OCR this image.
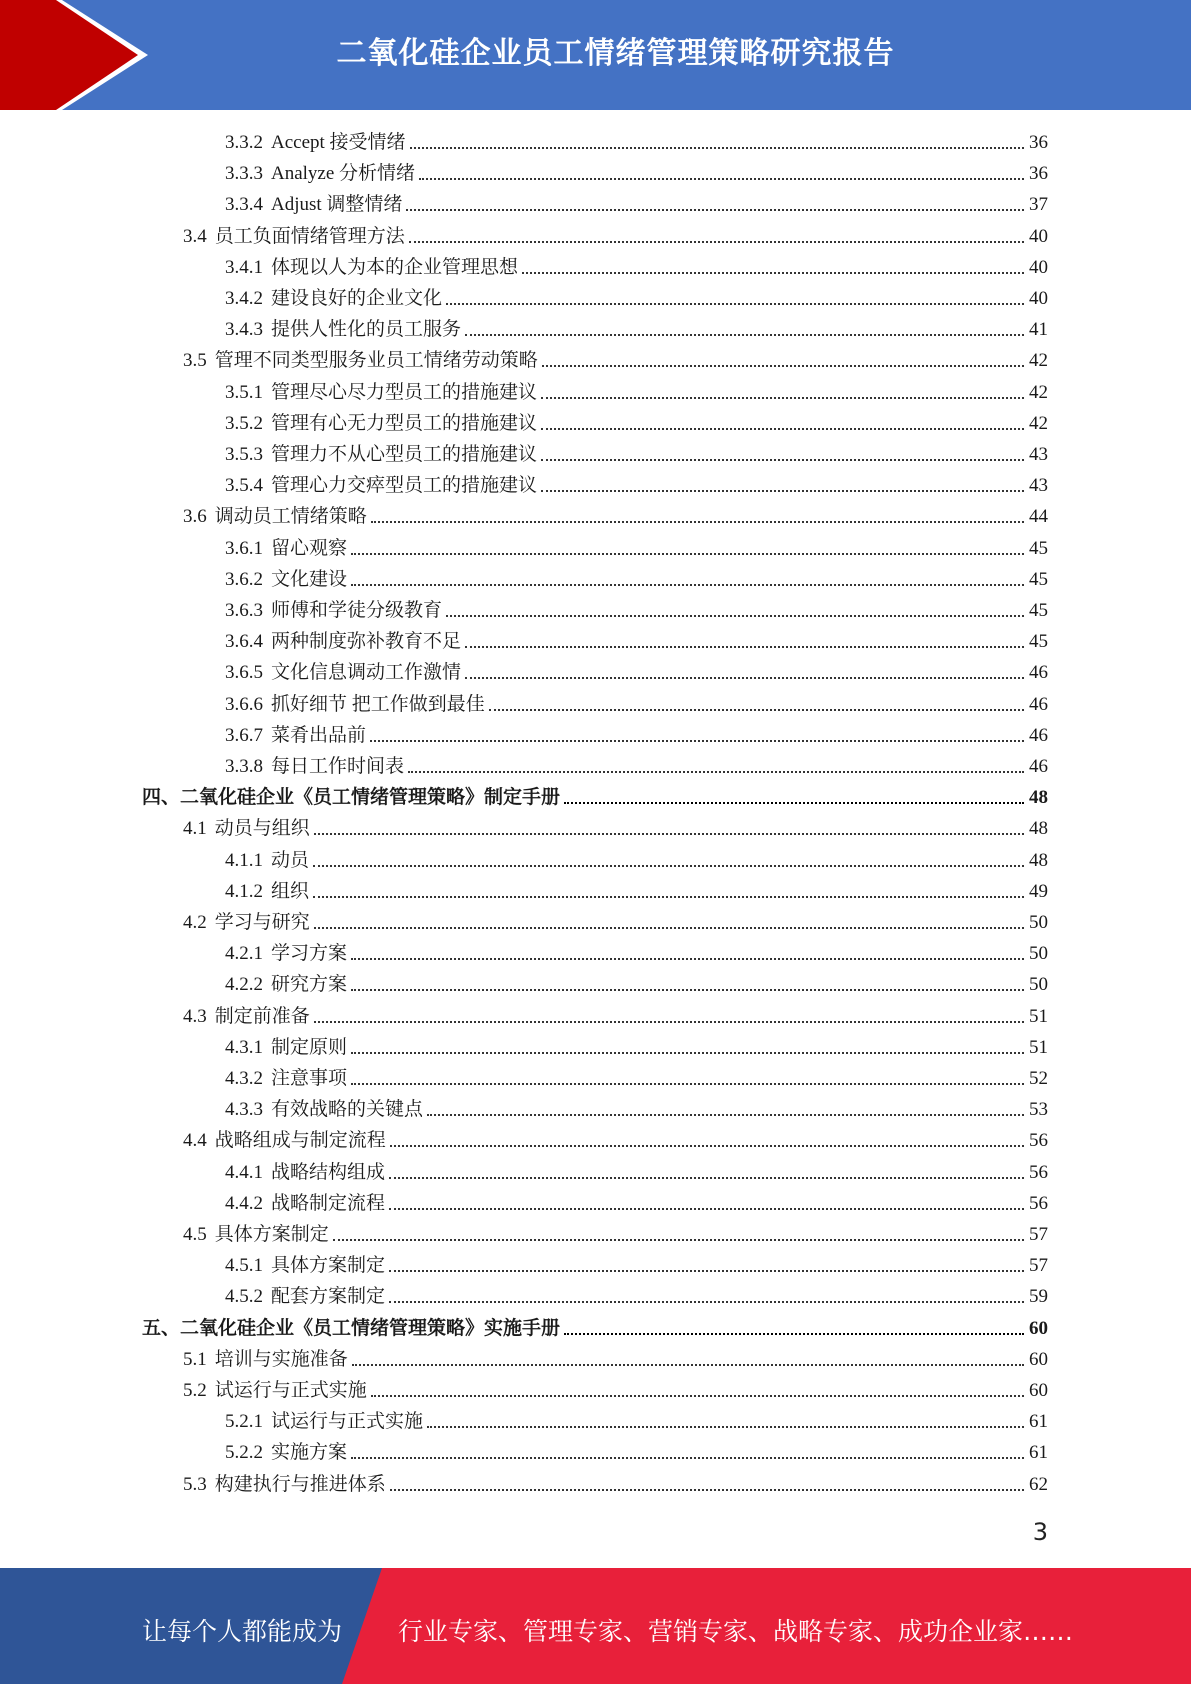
二氧化硅企业员工情绪管理策略研究报告
3.3.2 Accept 接受情绪	36
3.3.3 Analyze 分析情绪	36
3.3.4 Adjust 调整情绪	37
3.4 员工负面情绪管理方法	40
3.4.1 体现以人为本的企业管理思想	40
3.4.2 建设良好的企业文化	40
3.4.3 提供人性化的员工服务	41
3.5 管理不同类型服务业员工情绪劳动策略	42
3.5.1 管理尽心尽力型员工的措施建议	42
3.5.2 管理有心无力型员工的措施建议	42
3.5.3 管理力不从心型员工的措施建议	43
3.5.4 管理心力交瘁型员工的措施建议	43
3.6 调动员工情绪策略	44
3.6.1 留心观察	45
3.6.2 文化建设	45
3.6.3 师傅和学徒分级教育	45
3.6.4 两种制度弥补教育不足	45
3.6.5 文化信息调动工作激情	46
3.6.6 抓好细节 把工作做到最佳	46
3.6.7 菜肴出品前	46
3.3.8 每日工作时间表	46
四、 二氧化硅企业《员工情绪管理策略》制定手册	48
4.1 动员与组织	48
4.1.1 动员	48
4.1.2 组织	49
4.2 学习与研究	50
4.2.1 学习方案	50
4.2.2 研究方案	50
4.3 制定前准备	51
4.3.1 制定原则	51
4.3.2 注意事项	52
4.3.3 有效战略的关键点	53
4.4 战略组成与制定流程	56
4.4.1 战略结构组成	56
4.4.2 战略制定流程	56
4.5 具体方案制定	57
4.5.1 具体方案制定	57
4.5.2 配套方案制定	59
五、 二氧化硅企业《员工情绪管理策略》实施手册	60
5.1 培训与实施准备	60
5.2 试运行与正式实施	60
5.2.1 试运行与正式实施	61
5.2.2 实施方案	61
5.3 构建执行与推进体系	62
3
让每个人都能成为 行业专家、管理专家、营销专家、战略专家、成功企业家……
